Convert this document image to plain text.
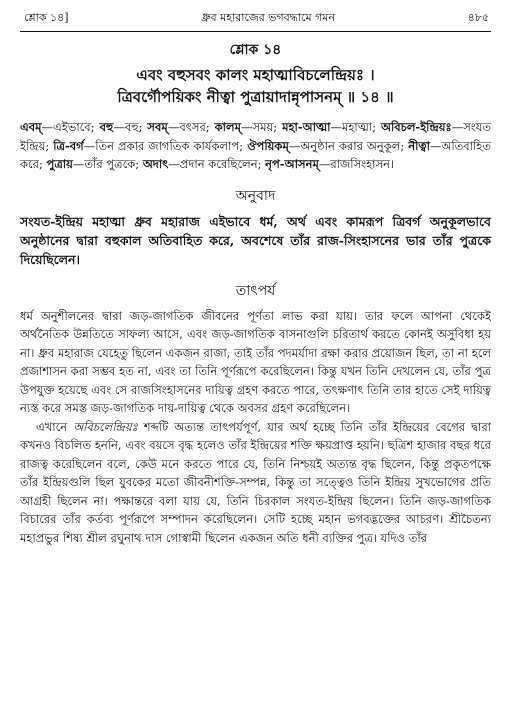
শ্লোক ১৪]	ধ্রুব মহারাজের ভগবদ্ধামে গমন	৪৮৫
শ্লোক ১৪

এবং বহুসবং কালং মহাত্মাবিচলেন্দ্রিয়ঃ ।

ত্রিবর্গৌপয়িকং নীত্বা পুত্রায়াদান্নৃপাসনম্ ॥ ১৪ ॥

এবম্—এইভাবে; বহু—বহু; সবম্—বৎসর; কালম্—সময়; মহা-আত্মা—মহাত্মা; অবিচল-ইন্দ্রিয়ঃ—সংযত ইন্দ্রিয়; ত্রি-বর্গ—তিন প্রকার জাগতিক কার্যকলাপ; ঔপয়িকম্—অনুষ্ঠান করার অনুকূল; নীত্বা—অতিবাহিত করে; পুত্রায়—তাঁর পুত্রকে; অদাৎ—প্রদান করেছিলেন; নৃপ-আসনম্—রাজসিংহাসন।

অনুবাদ

সংযত-ইন্দ্রিয় মহাত্মা ধ্রুব মহারাজ এইভাবে ধর্ম, অর্থ এবং কামরূপ ত্রিবর্গ অনুকূলভাবে অনুষ্ঠানের দ্বারা বহুকাল অতিবাহিত করে, অবশেষে তাঁর রাজ-সিংহাসনের ভার তাঁর পুত্রকে দিয়েছিলেন।

তাৎপর্য

ধর্ম অনুশীলনের দ্বারা জড়-জাগতিক জীবনের পূর্ণতা লাভ করা যায়। তার ফলে আপনা থেকেই অর্থনৈতিক উন্নতিতে সাফল্য আসে, এবং জড়-জাগতিক বাসনাগুলি চরিতার্থ করতে কোনই অসুবিধা হয় না। ধ্রুব মহারাজ যেহেতু ছিলেন একজন রাজা, তাই তাঁর পদমর্যাদা রক্ষা করার প্রয়োজন ছিল, তা না হলে প্রজাশাসন করা সম্ভব হত না, এবং তা তিনি পূর্ণরূপে করেছিলেন। কিন্তু যখন তিনি দেখলেন যে, তাঁর পুত্র উপযুক্ত হয়েছে এবং সে রাজসিংহাসনের দায়িত্ব গ্রহণ করতে পারে, তৎক্ষণাৎ তিনি তার হাতে সেই দায়িত্ব ন্যস্ত করে সমস্ত জড়-জাগতিক দায়-দায়িত্ব থেকে অবসর গ্রহণ করেছিলেন।

এখানে অবিচলেন্দ্রিয়ঃ শব্দটি অত্যন্ত তাৎপর্যপূর্ণ, যার অর্থ হচ্ছে তিনি তাঁর ইন্দ্রিয়ের বেগের দ্বারা কখনও বিচলিত হননি, এবং বয়সে বৃদ্ধ হলেও তাঁর ইন্দ্রিয়ের শক্তি ক্ষয়প্রাপ্ত হয়নি। ছত্রিশ হাজার বছর ধরে রাজত্ব করেছিলেন বলে, কেউ মনে করতে পারে যে, তিনি নিশ্চয়ই অত্যন্ত বৃদ্ধ ছিলেন, কিন্তু প্রকৃতপক্ষে তাঁর ইন্দ্রিয়গুলি ছিল যুবকের মতো জীবনীশক্তি-সম্পন্ন, কিন্তু তা সত্ত্বেও তিনি ইন্দ্রিয় সুখভোগের প্রতি আগ্রহী ছিলেন না। পক্ষান্তরে বলা যায় যে, তিনি চিরকাল সংযত-ইন্দ্রিয় ছিলেন। তিনি জড়-জাগতিক বিচারের তাঁর কর্তব্য পূর্ণরূপে সম্পাদন করেছিলেন। সেটি হচ্ছে মহান ভগবদ্ভক্তের আচরণ। শ্রীচৈতন্য মহাপ্রভুর শিষ্য শ্রীল রঘুনাথ দাস গোস্বামী ছিলেন একজন অতি ধনী ব্যক্তির পুত্র। যদিও তাঁর
